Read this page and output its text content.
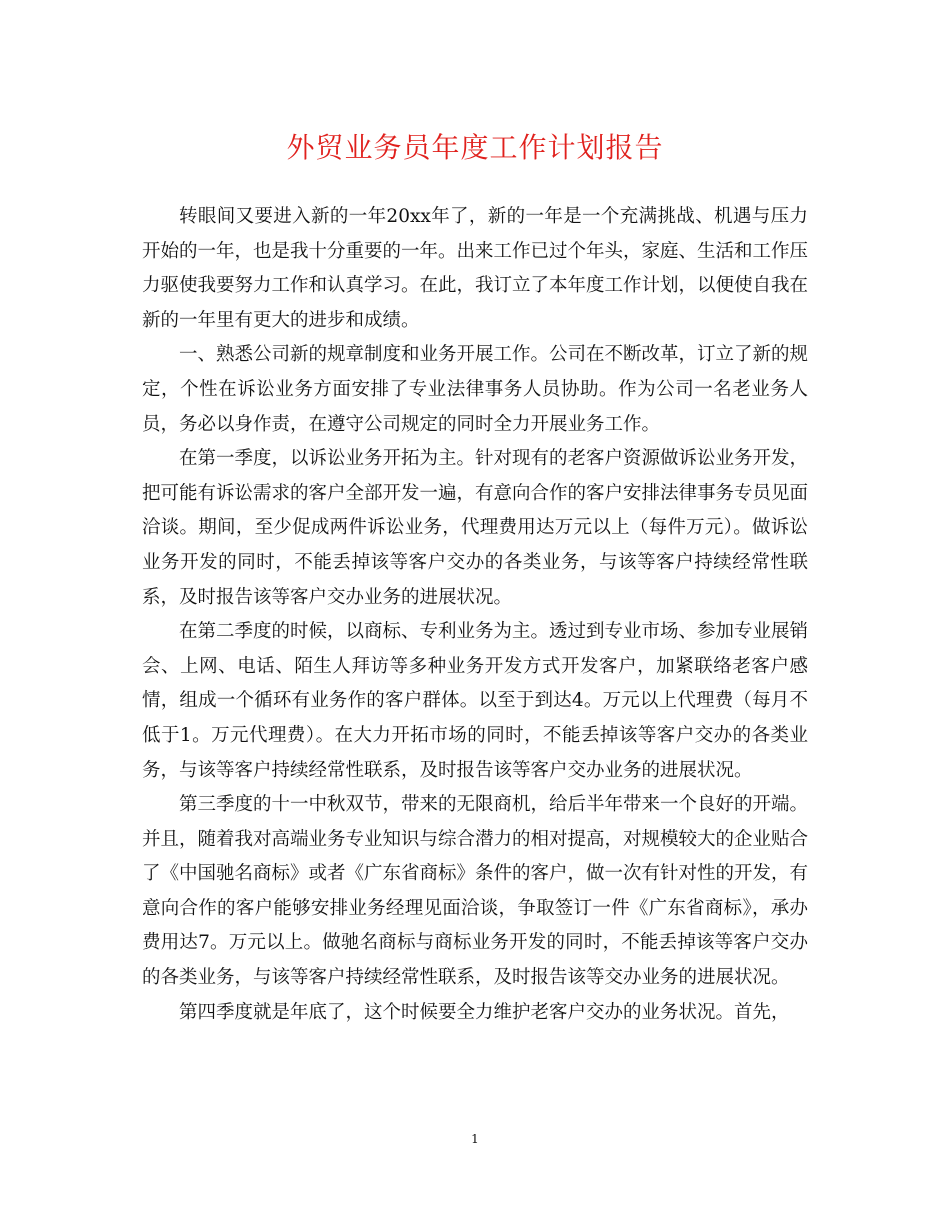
外贸业务员年度工作计划报告

转眼间又要进入新的一年20xx年了，新的一年是一个充满挑战、机遇与压力开始的一年，也是我十分重要的一年。出来工作已过个年头，家庭、生活和工作压力驱使我要努力工作和认真学习。在此，我订立了本年度工作计划，以便使自我在新的一年里有更大的进步和成绩。

一、熟悉公司新的规章制度和业务开展工作。公司在不断改革，订立了新的规定，个性在诉讼业务方面安排了专业法律事务人员协助。作为公司一名老业务人员，务必以身作责，在遵守公司规定的同时全力开展业务工作。

在第一季度，以诉讼业务开拓为主。针对现有的老客户资源做诉讼业务开发，把可能有诉讼需求的客户全部开发一遍，有意向合作的客户安排法律事务专员见面洽谈。期间，至少促成两件诉讼业务，代理费用达万元以上（每件万元）。做诉讼业务开发的同时，不能丢掉该等客户交办的各类业务，与该等客户持续经常性联系，及时报告该等客户交办业务的进展状况。

在第二季度的时候，以商标、专利业务为主。透过到专业市场、参加专业展销会、上网、电话、陌生人拜访等多种业务开发方式开发客户，加紧联络老客户感情，组成一个循环有业务作的客户群体。以至于到达4。万元以上代理费（每月不低于1。万元代理费）。在大力开拓市场的同时，不能丢掉该等客户交办的各类业务，与该等客户持续经常性联系，及时报告该等客户交办业务的进展状况。

第三季度的十一中秋双节，带来的无限商机，给后半年带来一个良好的开端。并且，随着我对高端业务专业知识与综合潜力的相对提高，对规模较大的企业贴合了《中国驰名商标》或者《广东省商标》条件的客户，做一次有针对性的开发，有意向合作的客户能够安排业务经理见面洽谈，争取签订一件《广东省商标》，承办费用达7。万元以上。做驰名商标与商标业务开发的同时，不能丢掉该等客户交办的各类业务，与该等客户持续经常性联系，及时报告该等交办业务的进展状况。

第四季度就是年底了，这个时候要全力维护老客户交办的业务状况。首先，

1
